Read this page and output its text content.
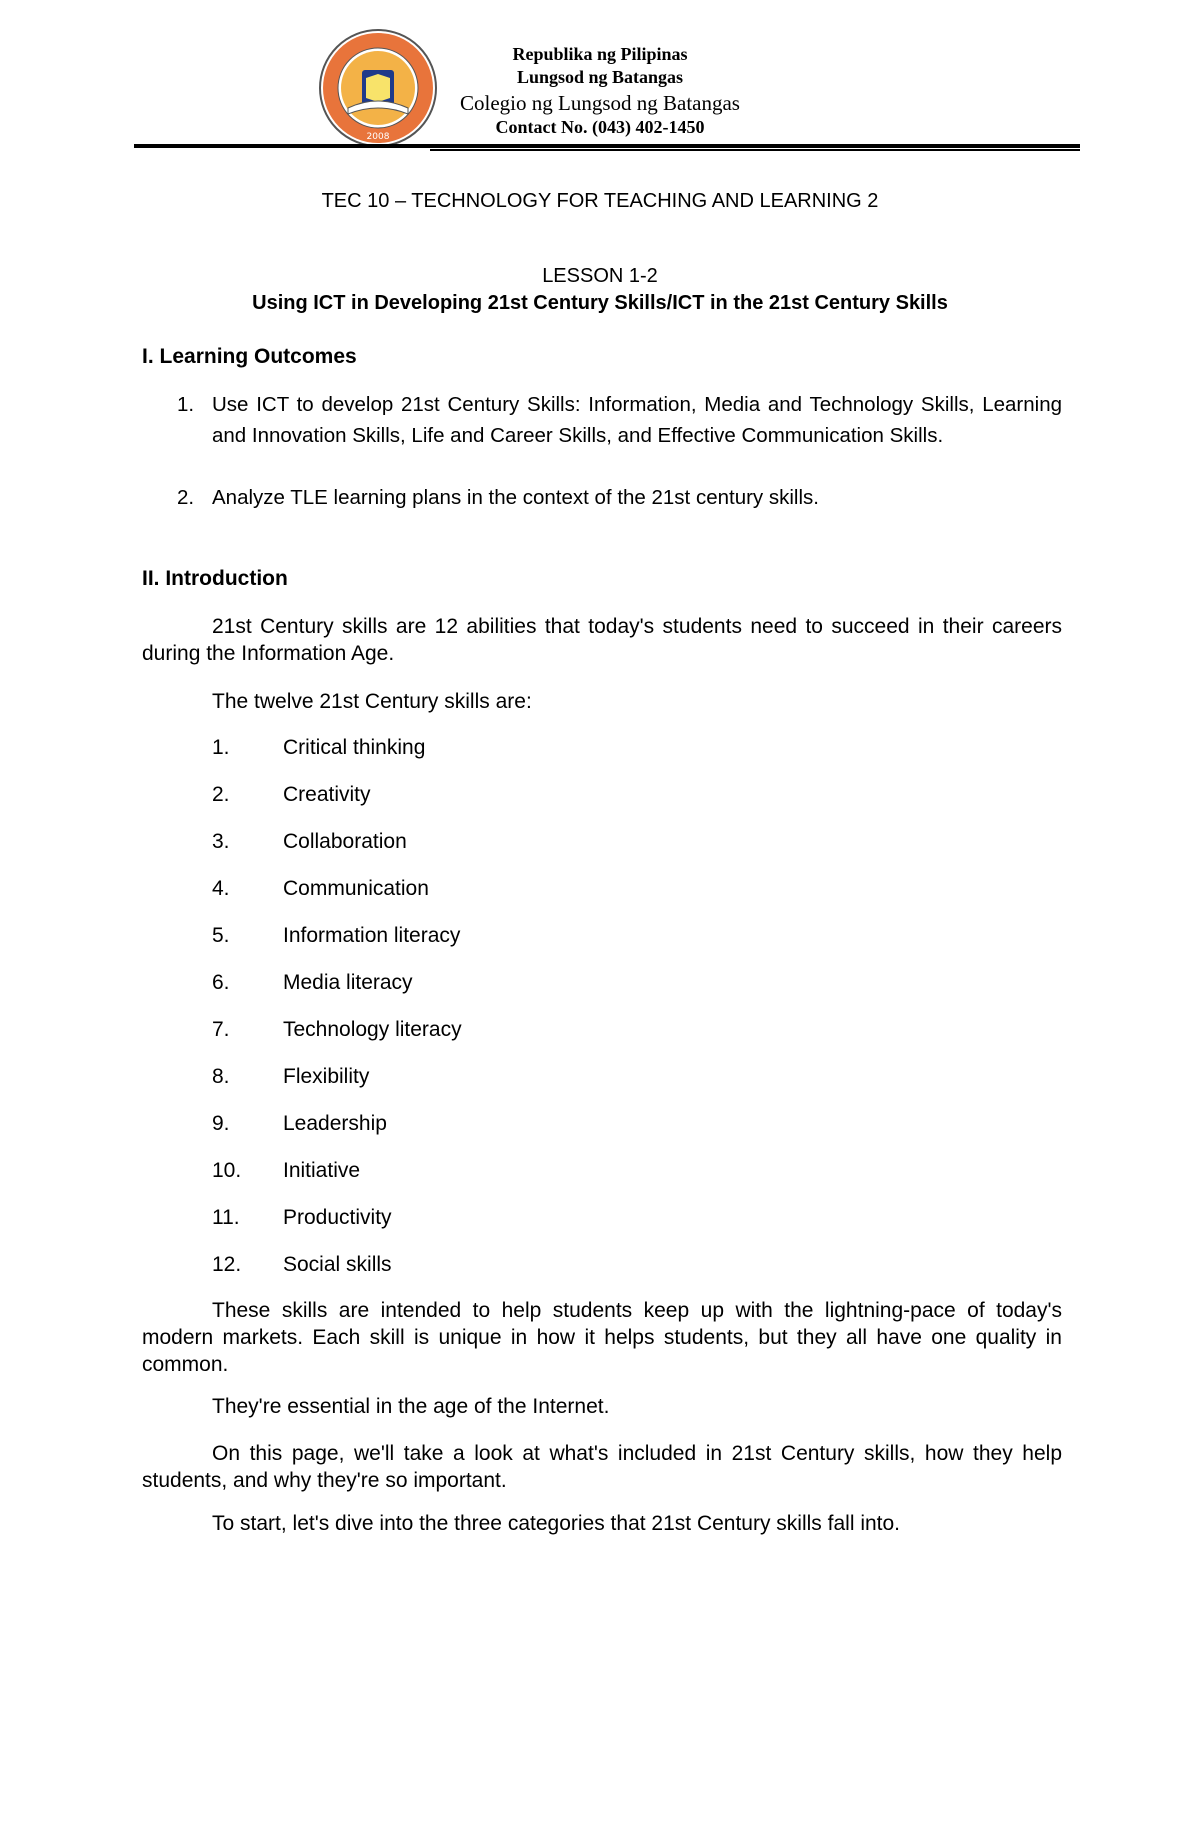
2008
Republika ng Pilipinas
Lungsod ng Batangas
Colegio ng Lungsod ng Batangas
Contact No. (043) 402-1450
TEC 10 – TECHNOLOGY FOR TEACHING AND LEARNING 2
LESSON 1-2
Using ICT in Developing 21st Century Skills/ICT in the 21st Century Skills
I. Learning Outcomes
1. Use ICT to develop 21st Century Skills: Information, Media and Technology Skills, Learning and Innovation Skills, Life and Career Skills, and Effective Communication Skills.
2. Analyze TLE learning plans in the context of the 21st century skills.
II. Introduction
21st Century skills are 12 abilities that today's students need to succeed in their careers during the Information Age.
The twelve 21st Century skills are:
1.	Critical thinking
2.	Creativity
3.	Collaboration
4.	Communication
5.	Information literacy
6.	Media literacy
7.	Technology literacy
8.	Flexibility
9.	Leadership
10. Initiative
11. Productivity
12. Social skills
These skills are intended to help students keep up with the lightning-pace of today's modern markets. Each skill is unique in how it helps students, but they all have one quality in common.
They're essential in the age of the Internet.
On this page, we'll take a look at what's included in 21st Century skills, how they help students, and why they're so important.
To start, let's dive into the three categories that 21st Century skills fall into.
